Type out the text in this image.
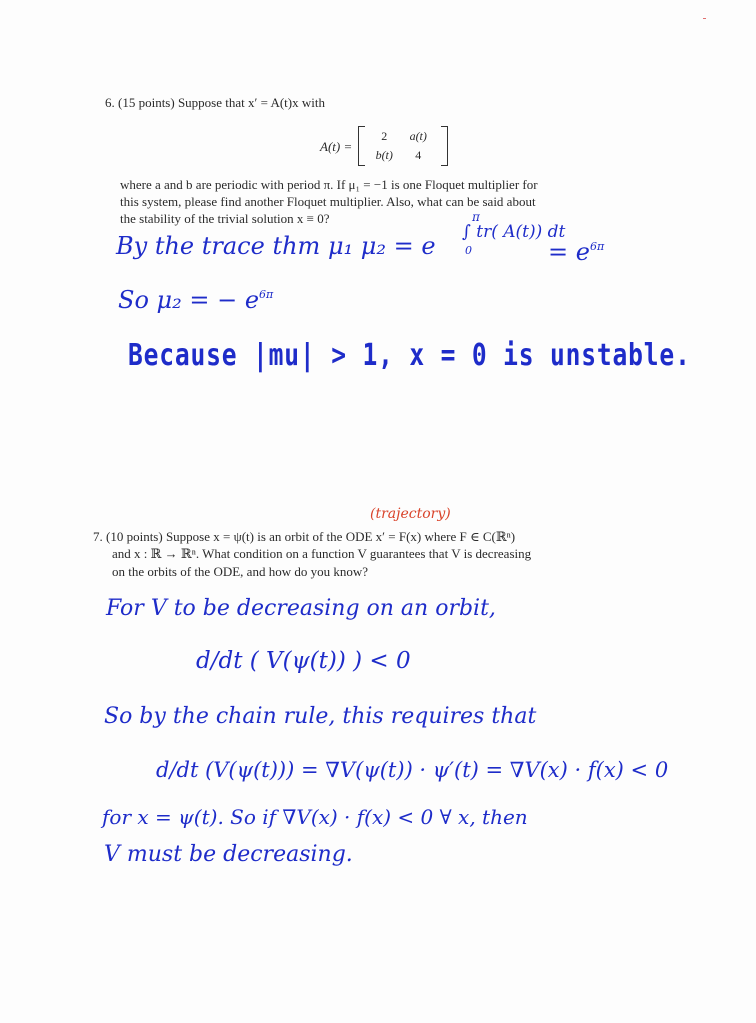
6. (15 points) Suppose that x′ = A(t)x with
A(t) =
2	a(t)
b(t)	4
where a and b are periodic with period π. If μ₁ = −1 is one Floquet multiplier for
this system, please find another Floquet multiplier. Also, what can be said about
the stability of the trivial solution x ≡ 0?
By the trace thm μ₁ μ₂ = e
π
∫ tr( A(t)) dt
0	= $e^{6\pi}$
So μ₂ = − $e^{6\pi}$
Because |mu| > 1, x = 0 is unstable.
(trajectory)
7. (10 points) Suppose x = ψ(t) is an orbit of the ODE x′ = F(x) where F ∈ C(ℝⁿ)
and x : ℝ → ℝⁿ. What condition on a function V guarantees that V is decreasing
on the orbits of the ODE, and how do you know?
For V to be decreasing on an orbit,
d/dt ( V(ψ(t)) ) < 0
So by the chain rule, this requires that
d/dt (V(ψ(t))) = ∇V(ψ(t)) · ψ′(t) = ∇V(x) · f(x) < 0
for x = ψ(t). So if ∇V(x) · f(x) < 0 ∀ x, then
V must be decreasing.
